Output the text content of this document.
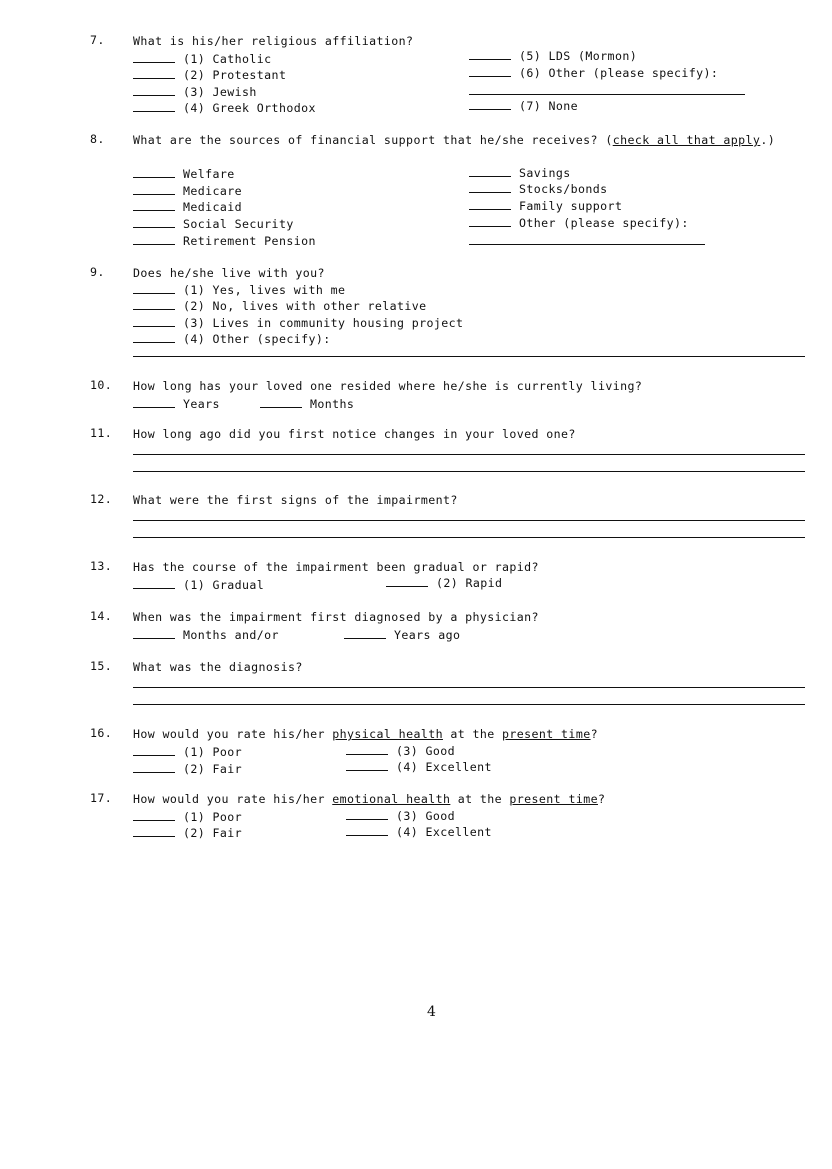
7.	What is his/her religious affiliation?
(1) Catholic
(2) Protestant
(3) Jewish
(4) Greek Orthodox
(5) LDS (Mormon)
(6) Other (please specify):
(7) None
8.	What are the sources of financial support that he/she receives? (check all that apply.)
Welfare
Medicare
Medicaid
Social Security
Retirement Pension
Savings
Stocks/bonds
Family support
Other (please specify):
9.	Does he/she live with you?
(1) Yes, lives with me
(2) No, lives with other relative
(3) Lives in community housing project
(4) Other (specify):
10.	How long has your loved one resided where he/she is currently living?
Years	Months
11.	How long ago did you first notice changes in your loved one?
12.	What were the first signs of the impairment?
13.	Has the course of the impairment been gradual or rapid?
(1) Gradual	(2) Rapid
14.	When was the impairment first diagnosed by a physician?
Months and/or	Years ago
15.	What was the diagnosis?
16.	How would you rate his/her physical health at the present time?
(1) Poor
(2) Fair
(3) Good
(4) Excellent
17.	How would you rate his/her emotional health at the present time?
(1) Poor
(2) Fair
(3) Good
(4) Excellent
4
